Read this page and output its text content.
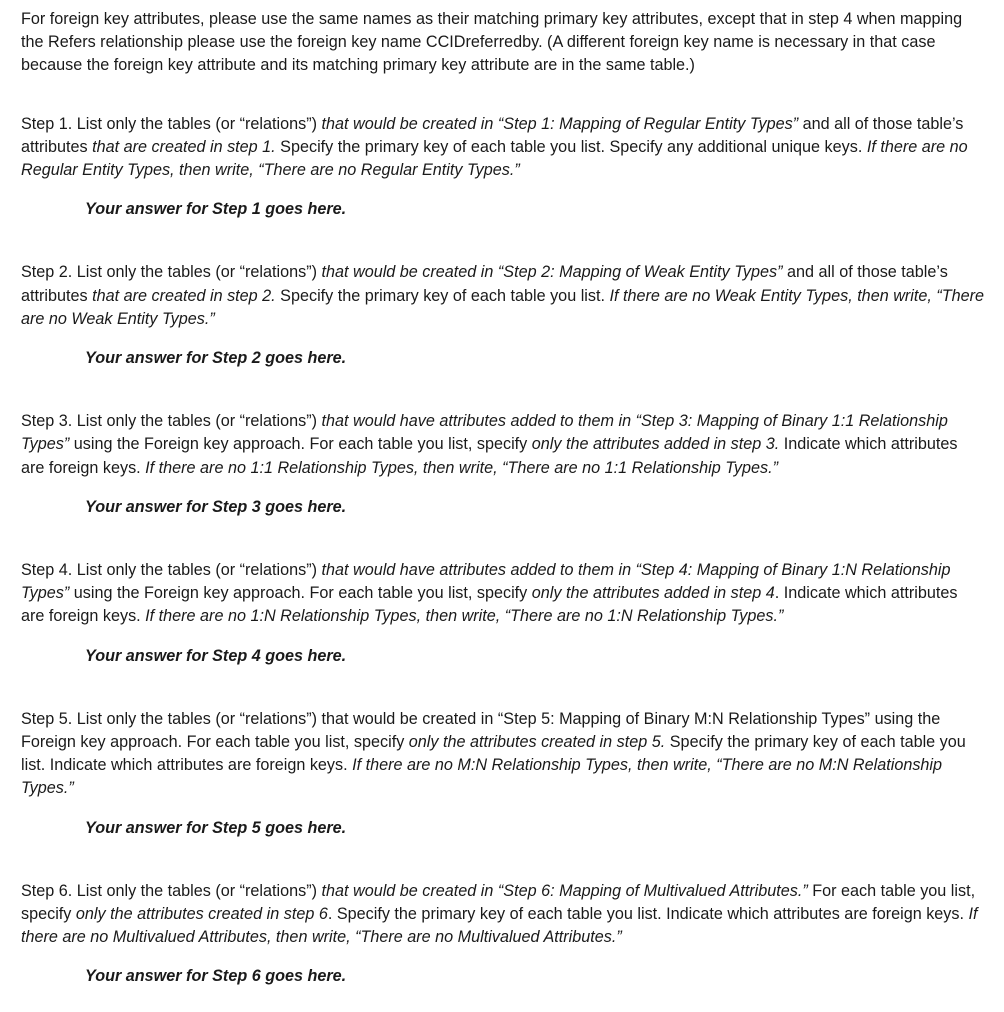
For foreign key attributes, please use the same names as their matching primary key attributes, except that in step 4 when mapping the Refers relationship please use the foreign key name CCIDreferredby. (A different foreign key name is necessary in that case because the foreign key attribute and its matching primary key attribute are in the same table.)

Step 1. List only the tables (or “relations”) that would be created in “Step 1: Mapping of Regular Entity Types” and all of those table’s attributes that are created in step 1. Specify the primary key of each table you list. Specify any additional unique keys. If there are no Regular Entity Types, then write, “There are no Regular Entity Types.”

Your answer for Step 1 goes here.

Step 2. List only the tables (or “relations”) that would be created in “Step 2: Mapping of Weak Entity Types” and all of those table’s attributes that are created in step 2. Specify the primary key of each table you list. If there are no Weak Entity Types, then write, “There are no Weak Entity Types.”

Your answer for Step 2 goes here.

Step 3. List only the tables (or “relations”) that would have attributes added to them in “Step 3: Mapping of Binary 1:1 Relationship Types” using the Foreign key approach. For each table you list, specify only the attributes added in step 3. Indicate which attributes are foreign keys. If there are no 1:1 Relationship Types, then write, “There are no 1:1 Relationship Types.”

Your answer for Step 3 goes here.

Step 4. List only the tables (or “relations”) that would have attributes added to them in “Step 4: Mapping of Binary 1:N Relationship Types” using the Foreign key approach. For each table you list, specify only the attributes added in step 4. Indicate which attributes are foreign keys. If there are no 1:N Relationship Types, then write, “There are no 1:N Relationship Types.”

Your answer for Step 4 goes here.

Step 5. List only the tables (or “relations”) that would be created in “Step 5: Mapping of Binary M:N Relationship Types” using the Foreign key approach. For each table you list, specify only the attributes created in step 5. Specify the primary key of each table you list. Indicate which attributes are foreign keys. If there are no M:N Relationship Types, then write, “There are no M:N Relationship Types.”

Your answer for Step 5 goes here.

Step 6. List only the tables (or “relations”) that would be created in “Step 6: Mapping of Multivalued Attributes.” For each table you list, specify only the attributes created in step 6. Specify the primary key of each table you list. Indicate which attributes are foreign keys. If there are no Multivalued Attributes, then write, “There are no Multivalued Attributes.”

Your answer for Step 6 goes here.
